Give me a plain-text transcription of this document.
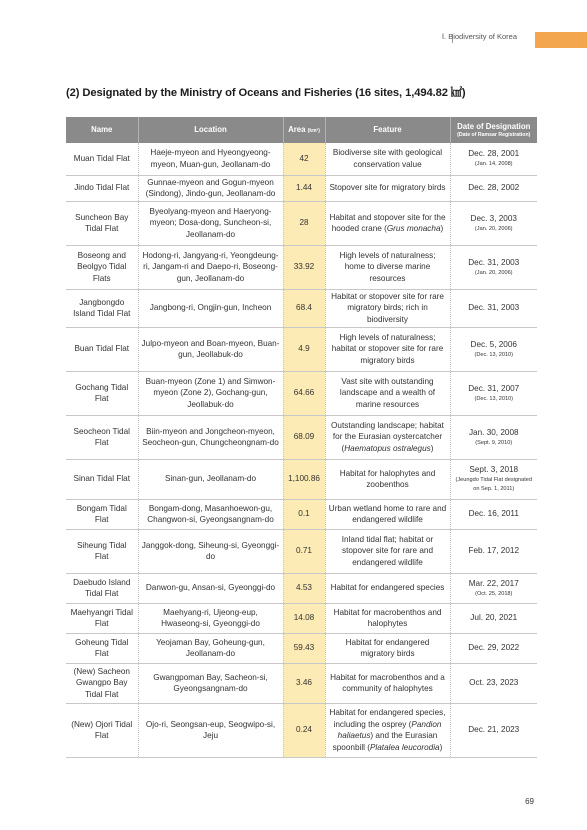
Ⅰ. Biodiversity of Korea
(2) Designated by the Ministry of Oceans and Fisheries (16 sites, 1,494.82 ㎢)
Name	Location	Area (km²)	Feature	Date of Designation
(Date of Ramsar Registration)

Muan Tidal Flat	Haeje-myeon and Hyeongyeong-myeon, Muan-gun, Jeollanam-do	42	Biodiverse site with geological conservation value	Dec. 28, 2001
(Jan. 14, 2008)

Jindo Tidal Flat	Gunnae-myeon and Gogun-myeon (Sindong), Jindo-gun, Jeollanam-do	1.44	Stopover site for migratory birds	Dec. 28, 2002
Suncheon Bay Tidal Flat	Byeolyang-myeon and Haeryong-myeon; Dosa-dong, Suncheon-si, Jeollanam-do	28	Habitat and stopover site for the hooded crane (Grus monacha)	Dec. 3, 2003
(Jan. 20, 2006)

Boseong and Beolgyo Tidal Flats	Hodong-ri, Jangyang-ri, Yeongdeung-ri, Jangam-ri and Daepo-ri, Boseong-gun, Jeollanam-do	33.92	High levels of naturalness; home to diverse marine resources	Dec. 31, 2003
(Jan. 20, 2006)

Jangbongdo Island Tidal Flat	Jangbong-ri, Ongjin-gun, Incheon	68.4	Habitat or stopover site for rare migratory birds; rich in biodiversity	Dec. 31, 2003
Buan Tidal Flat	Julpo-myeon and Boan-myeon, Buan-gun, Jeollabuk-do	4.9	High levels of naturalness; habitat or stopover site for rare migratory birds	Dec. 5, 2006
(Dec. 13, 2010)

Gochang Tidal Flat	Buan-myeon (Zone 1) and Simwon-myeon (Zone 2), Gochang-gun, Jeollabuk-do	64.66	Vast site with outstanding landscape and a wealth of marine resources	Dec. 31, 2007
(Dec. 13, 2010)

Seocheon Tidal Flat	Biin-myeon and Jongcheon-myeon, Seocheon-gun, Chungcheongnam-do	68.09	Outstanding landscape; habitat for the Eurasian oystercatcher (Haematopus ostralegus)	Jan. 30, 2008
(Sept. 9, 2010)

Sinan Tidal Flat	Sinan-gun, Jeollanam-do	1,100.86	Habitat for halophytes and zoobenthos	Sept. 3, 2018
(Jeungdo Tidal Flat designated on Sep. 1, 2011)

Bongam Tidal Flat	Bongam-dong, Masanhoewon-gu, Changwon-si, Gyeongsangnam-do	0.1	Urban wetland home to rare and endangered wildlife	Dec. 16, 2011
Siheung Tidal Flat	Janggok-dong, Siheung-si, Gyeonggi-do	0.71	Inland tidal flat; habitat or stopover site for rare and endangered wildlife	Feb. 17, 2012
Daebudo Island Tidal Flat	Danwon-gu, Ansan-si, Gyeonggi-do	4.53	Habitat for endangered species	Mar. 22, 2017
(Oct. 25, 2018)

Maehyangri Tidal Flat	Maehyang-ri, Ujeong-eup, Hwaseong-si, Gyeonggi-do	14.08	Habitat for macrobenthos and halophytes	Jul. 20, 2021
Goheung Tidal Flat	Yeojaman Bay, Goheung-gun, Jeollanam-do	59.43	Habitat for endangered migratory birds	Dec. 29, 2022
(New) Sacheon Gwangpo Bay Tidal Flat	Gwangpoman Bay, Sacheon-si, Gyeongsangnam-do	3.46	Habitat for macrobenthos and a community of halophytes	Oct. 23, 2023
(New) Ojori Tidal Flat	Ojo-ri, Seongsan-eup, Seogwipo-si, Jeju	0.24	Habitat for endangered species, including the osprey (Pandion haliaetus) and the Eurasian spoonbill (Platalea leucorodia)	Dec. 21, 2023
69
